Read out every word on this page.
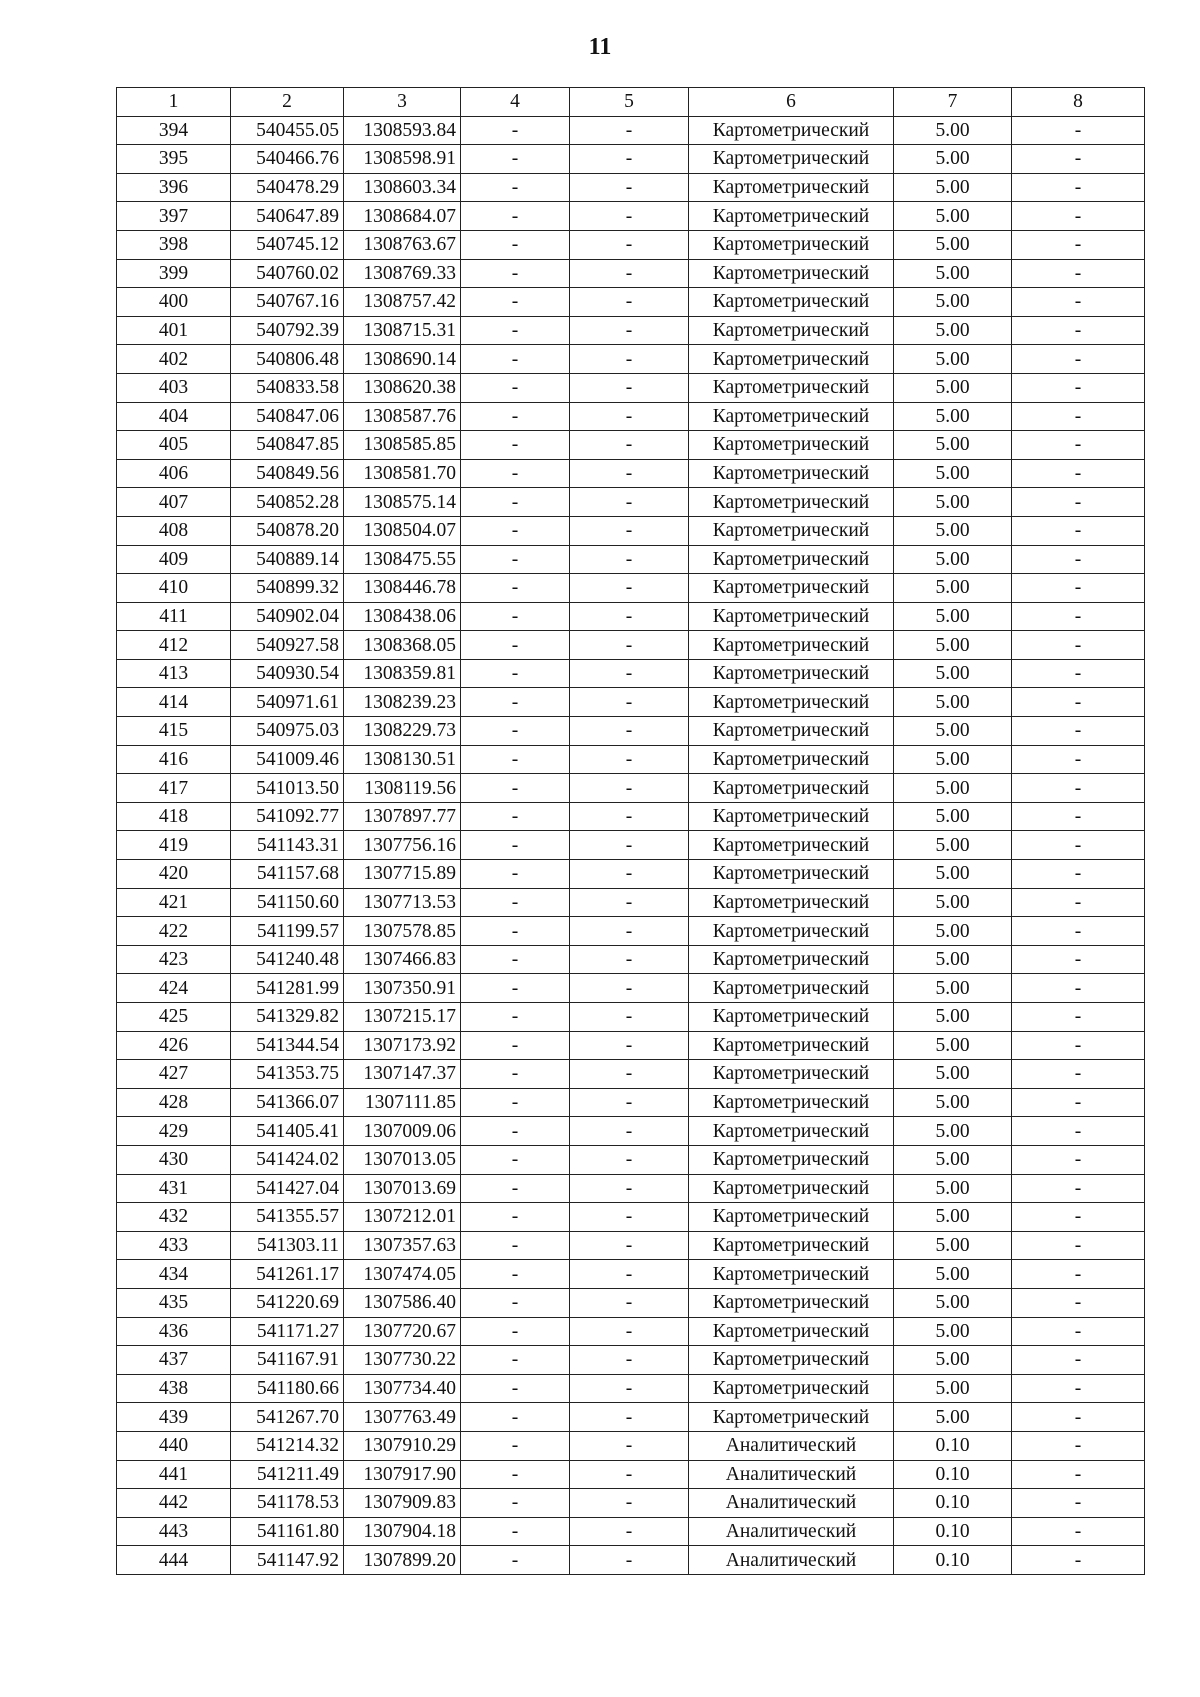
11
1	2	3	4	5	6	7	8
394	540455.05	1308593.84	-	-	Картометрический	5.00	-
395	540466.76	1308598.91	-	-	Картометрический	5.00	-
396	540478.29	1308603.34	-	-	Картометрический	5.00	-
397	540647.89	1308684.07	-	-	Картометрический	5.00	-
398	540745.12	1308763.67	-	-	Картометрический	5.00	-
399	540760.02	1308769.33	-	-	Картометрический	5.00	-
400	540767.16	1308757.42	-	-	Картометрический	5.00	-
401	540792.39	1308715.31	-	-	Картометрический	5.00	-
402	540806.48	1308690.14	-	-	Картометрический	5.00	-
403	540833.58	1308620.38	-	-	Картометрический	5.00	-
404	540847.06	1308587.76	-	-	Картометрический	5.00	-
405	540847.85	1308585.85	-	-	Картометрический	5.00	-
406	540849.56	1308581.70	-	-	Картометрический	5.00	-
407	540852.28	1308575.14	-	-	Картометрический	5.00	-
408	540878.20	1308504.07	-	-	Картометрический	5.00	-
409	540889.14	1308475.55	-	-	Картометрический	5.00	-
410	540899.32	1308446.78	-	-	Картометрический	5.00	-
411	540902.04	1308438.06	-	-	Картометрический	5.00	-
412	540927.58	1308368.05	-	-	Картометрический	5.00	-
413	540930.54	1308359.81	-	-	Картометрический	5.00	-
414	540971.61	1308239.23	-	-	Картометрический	5.00	-
415	540975.03	1308229.73	-	-	Картометрический	5.00	-
416	541009.46	1308130.51	-	-	Картометрический	5.00	-
417	541013.50	1308119.56	-	-	Картометрический	5.00	-
418	541092.77	1307897.77	-	-	Картометрический	5.00	-
419	541143.31	1307756.16	-	-	Картометрический	5.00	-
420	541157.68	1307715.89	-	-	Картометрический	5.00	-
421	541150.60	1307713.53	-	-	Картометрический	5.00	-
422	541199.57	1307578.85	-	-	Картометрический	5.00	-
423	541240.48	1307466.83	-	-	Картометрический	5.00	-
424	541281.99	1307350.91	-	-	Картометрический	5.00	-
425	541329.82	1307215.17	-	-	Картометрический	5.00	-
426	541344.54	1307173.92	-	-	Картометрический	5.00	-
427	541353.75	1307147.37	-	-	Картометрический	5.00	-
428	541366.07	1307111.85	-	-	Картометрический	5.00	-
429	541405.41	1307009.06	-	-	Картометрический	5.00	-
430	541424.02	1307013.05	-	-	Картометрический	5.00	-
431	541427.04	1307013.69	-	-	Картометрический	5.00	-
432	541355.57	1307212.01	-	-	Картометрический	5.00	-
433	541303.11	1307357.63	-	-	Картометрический	5.00	-
434	541261.17	1307474.05	-	-	Картометрический	5.00	-
435	541220.69	1307586.40	-	-	Картометрический	5.00	-
436	541171.27	1307720.67	-	-	Картометрический	5.00	-
437	541167.91	1307730.22	-	-	Картометрический	5.00	-
438	541180.66	1307734.40	-	-	Картометрический	5.00	-
439	541267.70	1307763.49	-	-	Картометрический	5.00	-
440	541214.32	1307910.29	-	-	Аналитический	0.10	-
441	541211.49	1307917.90	-	-	Аналитический	0.10	-
442	541178.53	1307909.83	-	-	Аналитический	0.10	-
443	541161.80	1307904.18	-	-	Аналитический	0.10	-
444	541147.92	1307899.20	-	-	Аналитический	0.10	-
